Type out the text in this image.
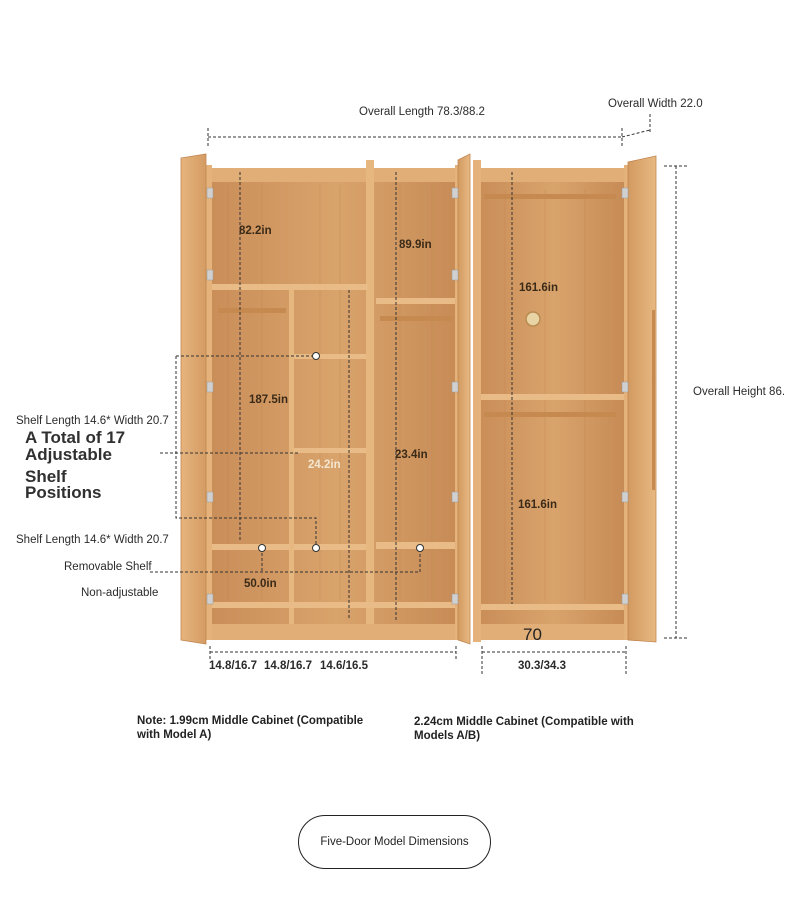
Overall Length 78.3/88.2
Overall Width 22.0
Overall Height 86.
82.2in
89.9in
187.5in
24.2in
23.4in
161.6in
161.6in
50.0in
70
14.8/16.7 14.8/16.7 14.6/16.5	30.3/34.3
Shelf Length 14.6* Width 20.7
A Total of 17
Adjustable
Shelf
Positions
Shelf Length 14.6* Width 20.7
Removable Shelf
Non-adjustable
Note: 1.99cm Middle Cabinet (Compatible with Model A)
2.24cm Middle Cabinet (Compatible with Models A/B)
Five-Door Model Dimensions
